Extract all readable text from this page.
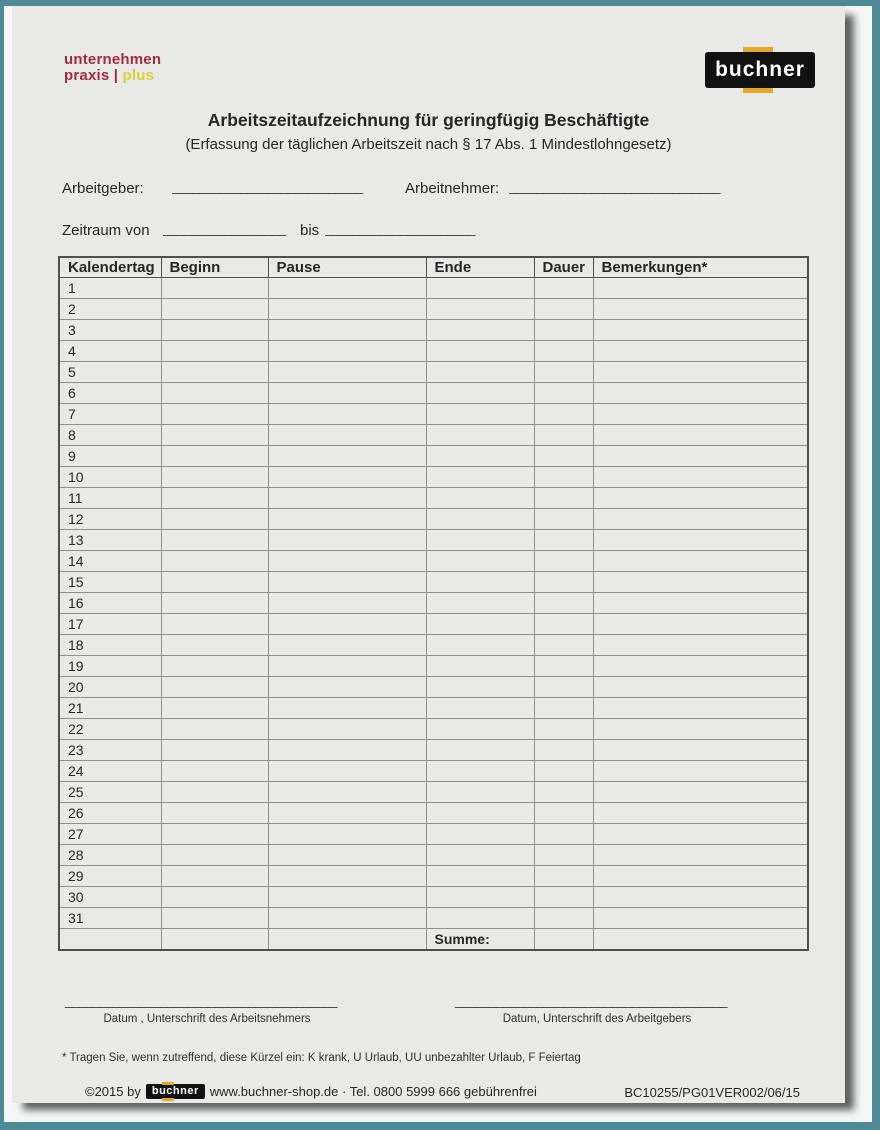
unternehmen
praxis | plus	buchner
Arbeitszeitaufzeichnung für geringfügig Beschäftigte
(Erfassung der täglichen Arbeitszeit nach § 17 Abs. 1 Mindestlohngesetz)
Arbeitgeber: ____________________________	Arbeitnehmer: _______________________________
Zeitraum von __________________ bis ______________________
Kalendertag	Beginn	Pause	Ende	Dauer	Bemerkungen*
1					
2					
3					
4					
5					
6					
7					
8					
9					
10					
11					
12					
13					
14					
15					
16					
17					
18					
19					
20					
21					
22					
23					
24					
25					
26					
27					
28					
29					
30					
31					
			Summe:		
________________________________________
Datum , Unterschrift des Arbeitsnehmers
________________________________________
Datum, Unterschrift des Arbeitgebers
* Tragen Sie, wenn zutreffend, diese Kürzel ein: K krank, U Urlaub, UU unbezahlter Urlaub, F Feiertag
©2015 by	buchner www.buchner-shop.de · Tel. 0800 5999 666 gebührenfrei	BC10255/PG01VER002/06/15
